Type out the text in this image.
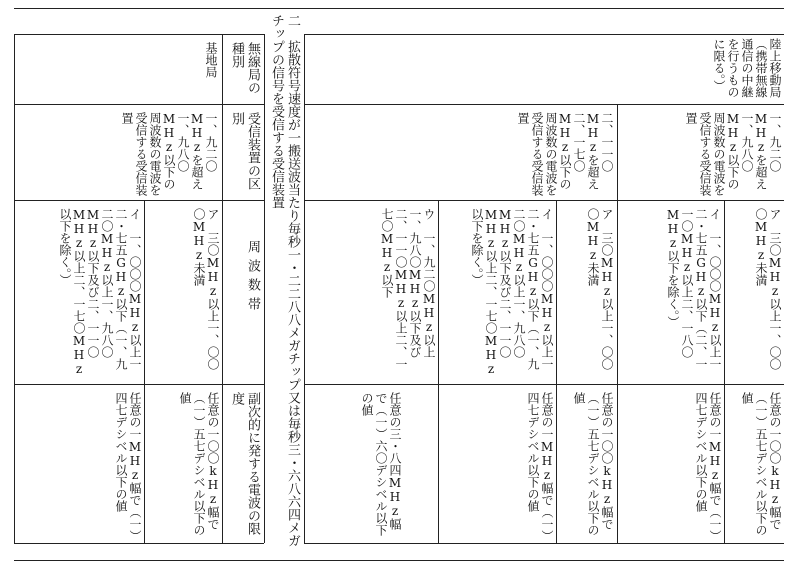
無線局の種別
基地局
受信装置の区別
一、九二〇MHzを超え一、九八〇MHz以下の周波数の電波を受信する受信装置
周波数帯
ア　三〇MHz以上一、〇〇〇MHz未満
イ　一、〇〇〇MHz以上一二・七五GHz以下（一、九二〇MHz以上一、九八〇MHz以下及び二、一一〇MHz以上二、一七〇MHz以下を除く。）
副次的に発する電波の限度
任意の一〇〇kHz幅で（一）五七デシベル以下の値
任意の一MHz幅で（一）四七デシベル以下の値	二　拡散符号速度が一搬送波当たり毎秒一・二二八八メガチップ又は毎秒三・六八六四メガチップの信号を受信する受信装置	陸上移動局（携帯無線通信の中継を行うものに限る。）
一、九二〇MHzを超え一、九八〇MHz以下の周波数の電波を受信する受信装置
ア　三〇MHz以上一、〇〇〇MHz未満
イ　一、〇〇〇MHz以上一二・七五GHz以下（二、一一〇MHz以上二、一八〇MHz以下を除く。）
任意の一〇〇kHz幅で（一）五七デシベル以下の値
任意の一MHz幅で（一）四七デシベル以下の値
二、一一〇MHzを超え二、一七〇MHz以下の周波数の電波を受信する受信装置
ア　三〇MHz以上一、〇〇〇MHz未満
イ　一、〇〇〇MHz以上一二・七五GHz以下（一、九二〇MHz以上一、九八〇MHz以下及び二、一一〇MHz以上二、一七〇MHz以下を除く。）
ウ　一、九二〇MHz以上一、九八〇MHz以下及び二、一一〇MHz以上二、一七〇MHz以下
任意の一〇〇kHz幅で（一）五七デシベル以下の値
任意の一MHz幅で（一）四七デシベル以下の値
任意の三・八四MHz幅で（一）六〇デシベル以下の値
